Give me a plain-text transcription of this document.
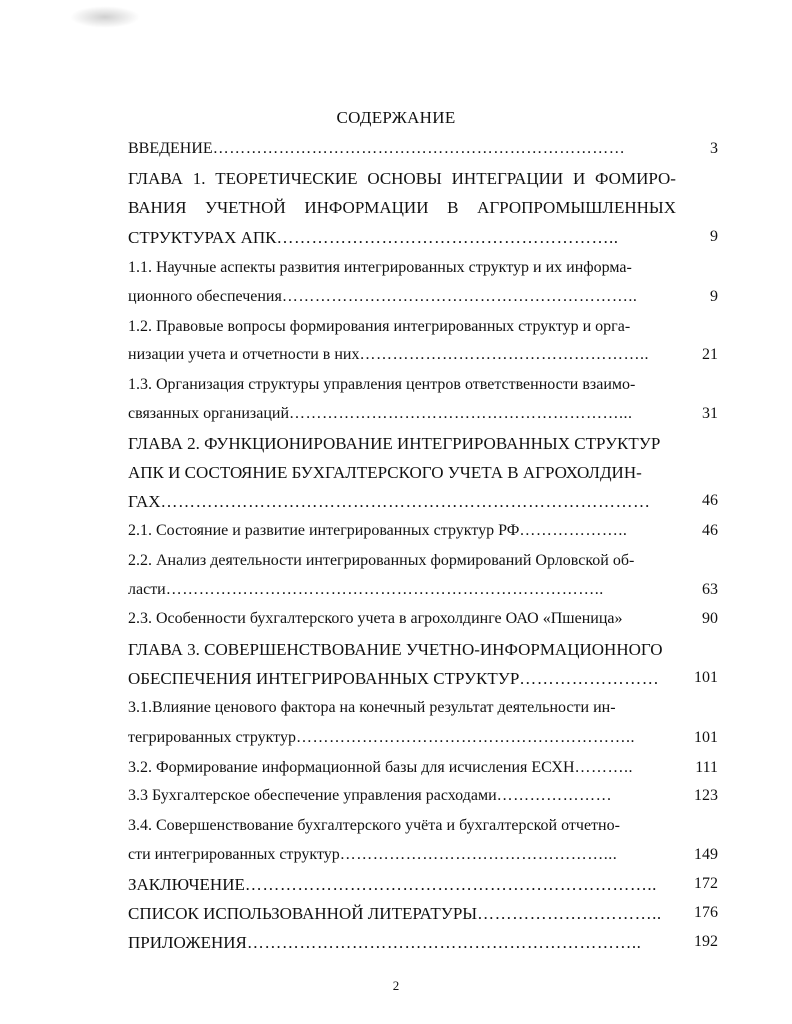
СОДЕРЖАНИЕ
ВВЕДЕНИЕ…………………………………………………………………	3
ГЛАВА 1. ТЕОРЕТИЧЕСКИЕ ОСНОВЫ ИНТЕГРАЦИИ И ФОМИРО-
ВАНИЯ УЧЕТНОЙ ИНФОРМАЦИИ В АГРОПРОМЫШЛЕННЫХ
СТРУКТУРАХ АПК…………………………………………………..	9
1.1. Научные аспекты развития интегрированных структур и их информа-
ционного обеспечения………………………………………………………..	9
1.2. Правовые вопросы формирования интегрированных структур и орга-
низации учета и отчетности в них……………………………………………..	21
1.3. Организация структуры управления центров ответственности взаимо-
связанных организаций……………………………………………………...	31
ГЛАВА 2. ФУНКЦИОНИРОВАНИЕ ИНТЕГРИРОВАННЫХ СТРУКТУР
АПК И СОСТОЯНИЕ БУХГАЛТЕРСКОГО УЧЕТА В АГРОХОЛДИН-
ГАХ…………………………………………………………………………	46
2.1. Состояние и развитие интегрированных структур РФ………………..	46
2.2. Анализ деятельности интегрированных формирований Орловской об-
ласти……………………………………………………………………..	63
2.3. Особенности бухгалтерского учета в агрохолдинге ОАО «Пшеница»	90
ГЛАВА 3. СОВЕРШЕНСТВОВАНИЕ УЧЕТНО-ИНФОРМАЦИОННОГО
ОБЕСПЕЧЕНИЯ ИНТЕГРИРОВАННЫХ СТРУКТУР…………………… 101
3.1.Влияние ценового фактора на конечный результат деятельности ин-
тегрированных структур……………………………………………………..	101
3.2. Формирование информационной базы для исчисления ЕСХН………..	111
3.3 Бухгалтерское обеспечение управления расходами…………………	123
3.4. Совершенствование бухгалтерского учёта и бухгалтерской отчетно-
сти интегрированных структур…………………………………………...	149
ЗАКЛЮЧЕНИЕ…………………………………………………………….. 172
СПИСОК ИСПОЛЬЗОВАННОЙ ЛИТЕРАТУРЫ………………………….. 176
ПРИЛОЖЕНИЯ…………………………………………………………..	192
2
